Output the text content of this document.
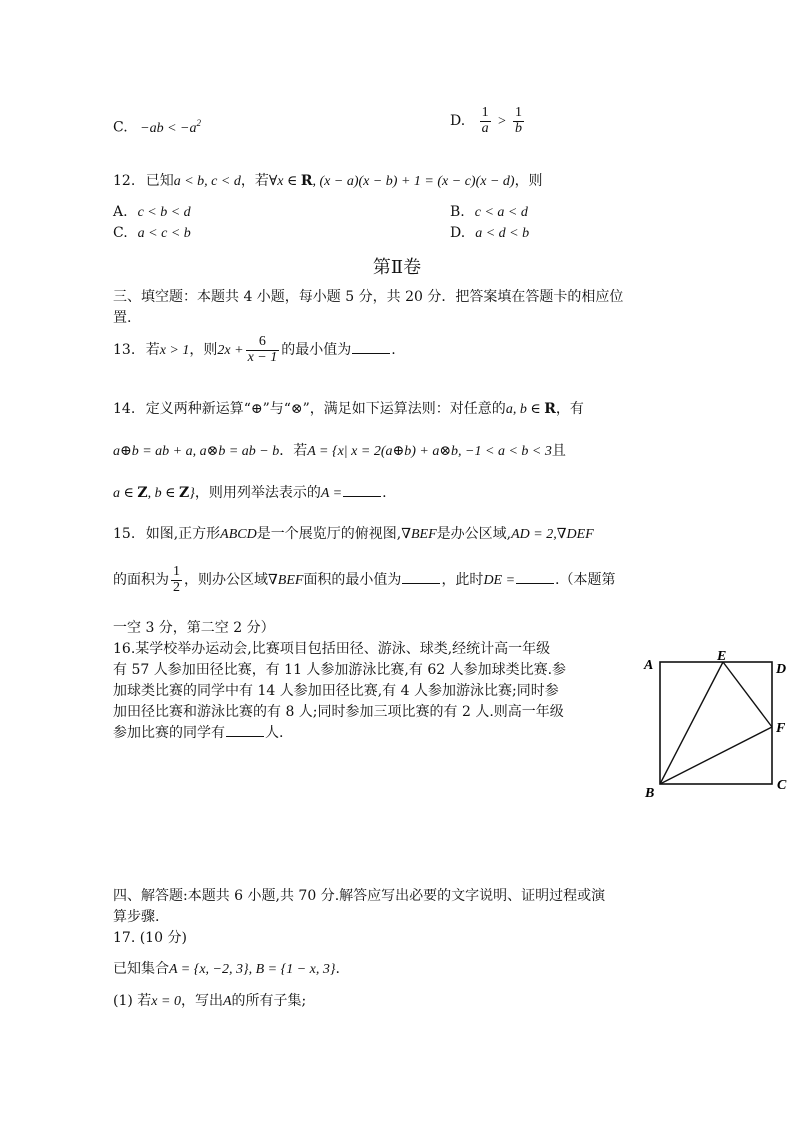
C. $-ab < -a^2$	D. $\frac{1}{a} > \frac{1}{b}$
12. 已知a < b, c < d，若∀x ∈ R, (x − a)(x − b) + 1 = (x − c)(x − d)，则
A. c < b < d	B. c < a < d
C. a < c < b	D. a < d < b
第Ⅱ卷
三、填空题：本题共 4 小题，每小题 5 分，共 20 分．把答案填在答题卡的相应位
置.
13. 若x > 1，则$2x + \frac{6}{x - 1}$ 的最小值为	.
14. 定义两种新运算“⊕”与“⊗”，满足如下运算法则：对任意的a, b ∈ R，有
a⊕b = ab + a, a⊗b = ab − b．若A = {x| x = 2(a⊕b) + a⊗b, −1 < a < b < 3且
a ∈ Z, b ∈ Z}，则用列举法表示的A =	.
15. 如图,正方形ABCD是一个展览厅的俯视图,∇BEF是办公区域,AD = 2,∇DEF
的面积为 $\frac{1}{2}$ ，则办公区域∇BEF面积的最小值为	，此时DE =	.（本题第
一空 3 分，第二空 2 分）
16.某学校举办运动会,比赛项目包括田径、游泳、球类,经统计高一年级
有 57 人参加田径比赛，有 11 人参加游泳比赛,有 62 人参加球类比赛.参
加球类比赛的同学中有 14 人参加田径比赛,有 4 人参加游泳比赛;同时参
加田径比赛和游泳比赛的有 8 人;同时参加三项比赛的有 2 人.则高一年级
参加比赛的同学有	人.
A
E
D
F
B
C
四、解答题:本题共 6 小题,共 70 分.解答应写出必要的文字说明、证明过程或演
算步骤.
17. (10 分)
已知集合A = {x, −2, 3}, B = {1 − x, 3}.
(1) 若x = 0，写出A的所有子集;
